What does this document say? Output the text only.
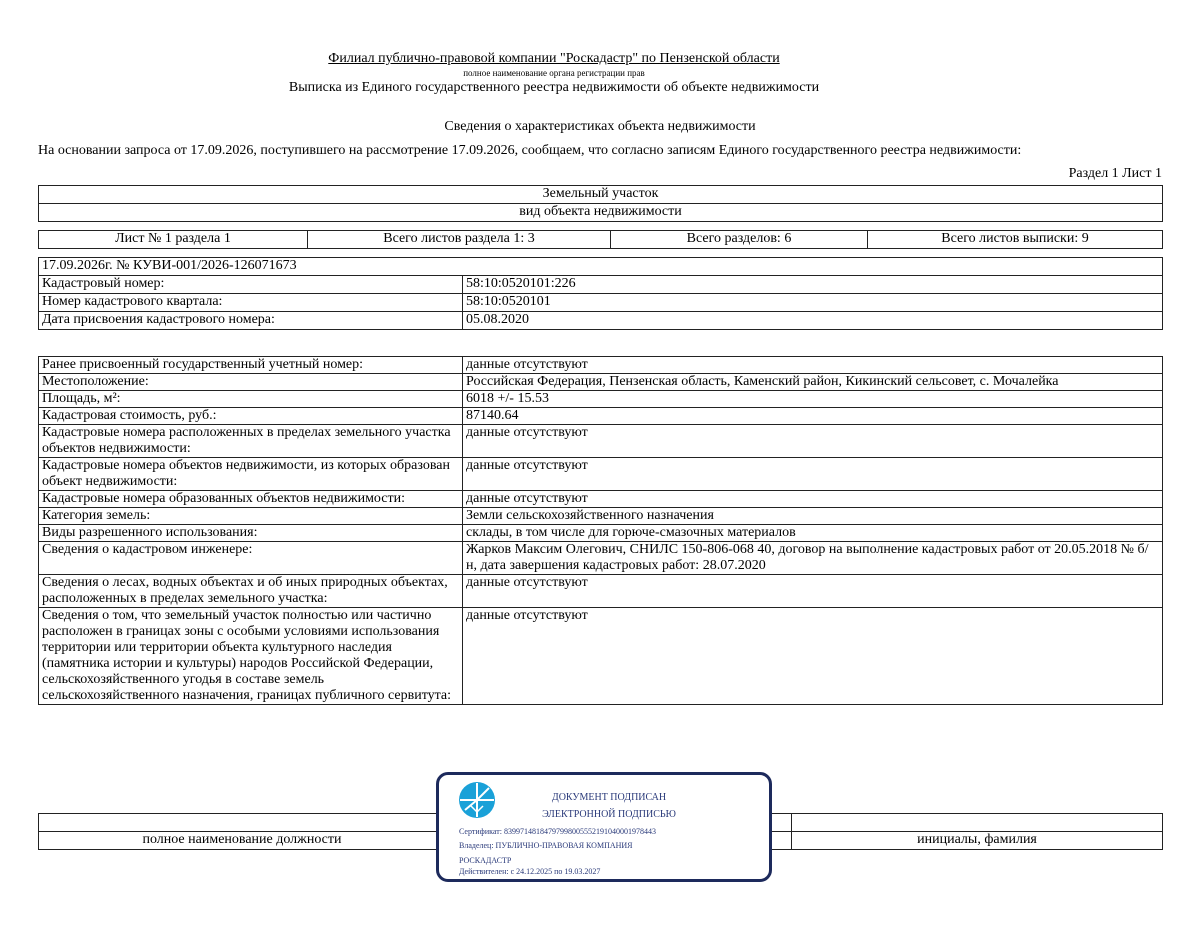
Филиал публично-правовой компании "Роскадастр" по Пензенской области
полное наименование органа регистрации прав
Выписка из Единого государственного реестра недвижимости об объекте недвижимости
Сведения о характеристиках объекта недвижимости
На основании запроса от 17.09.2026, поступившего на рассмотрение 17.09.2026, сообщаем, что согласно записям Единого государственного реестра недвижимости:
Раздел 1 Лист 1
Земельный участок
вид объекта недвижимости
Лист № 1 раздела 1	Всего листов раздела 1: 3	Всего разделов: 6	Всего листов выписки: 9
17.09.2026г. № КУВИ-001/2026-126071673	
Кадастровый номер:	58:10:0520101:226
Номер кадастрового квартала:	58:10:0520101
Дата присвоения кадастрового номера:	05.08.2020
Ранее присвоенный государственный учетный номер:	данные отсутствуют
Местоположение:	Российская Федерация, Пензенская область, Каменский район, Кикинский сельсовет, с. Мочалейка
Площадь, м²:	6018 +/- 15.53
Кадастровая стоимость, руб.:	87140.64
Кадастровые номера расположенных в пределах земельного участка объектов недвижимости:	данные отсутствуют
Кадастровые номера объектов недвижимости, из которых образован объект недвижимости:	данные отсутствуют
Кадастровые номера образованных объектов недвижимости:	данные отсутствуют
Категория земель:	Земли сельскохозяйственного назначения
Виды разрешенного использования:	склады, в том числе для горюче-смазочных материалов
Сведения о кадастровом инженере:	Жарков Максим Олегович, СНИЛС 150-806-068 40, договор на выполнение кадастровых работ от 20.05.2018 № б/н, дата завершения кадастровых работ: 28.07.2020
Сведения о лесах, водных объектах и об иных природных объектах, расположенных в пределах земельного участка:	данные отсутствуют
Сведения о том, что земельный участок полностью или частично расположен в границах зоны с особыми условиями использования территории или территории объекта культурного наследия (памятника истории и культуры) народов Российской Федерации, сельскохозяйственного угодья в составе земель сельскохозяйственного назначения, границах публичного сервитута:	данные отсутствуют

полное наименование должности		инициалы, фамилия
ДОКУМЕНТ ПОДПИСАН
ЭЛЕКТРОННОЙ ПОДПИСЬЮ
Сертификат: 839971481847979980055521910400019784​43
Владелец: ПУБЛИЧНО-ПРАВОВАЯ КОМПАНИЯ
РОСКАДАСТР
Действителен: с 24.12.2025 по 19.03.2027
